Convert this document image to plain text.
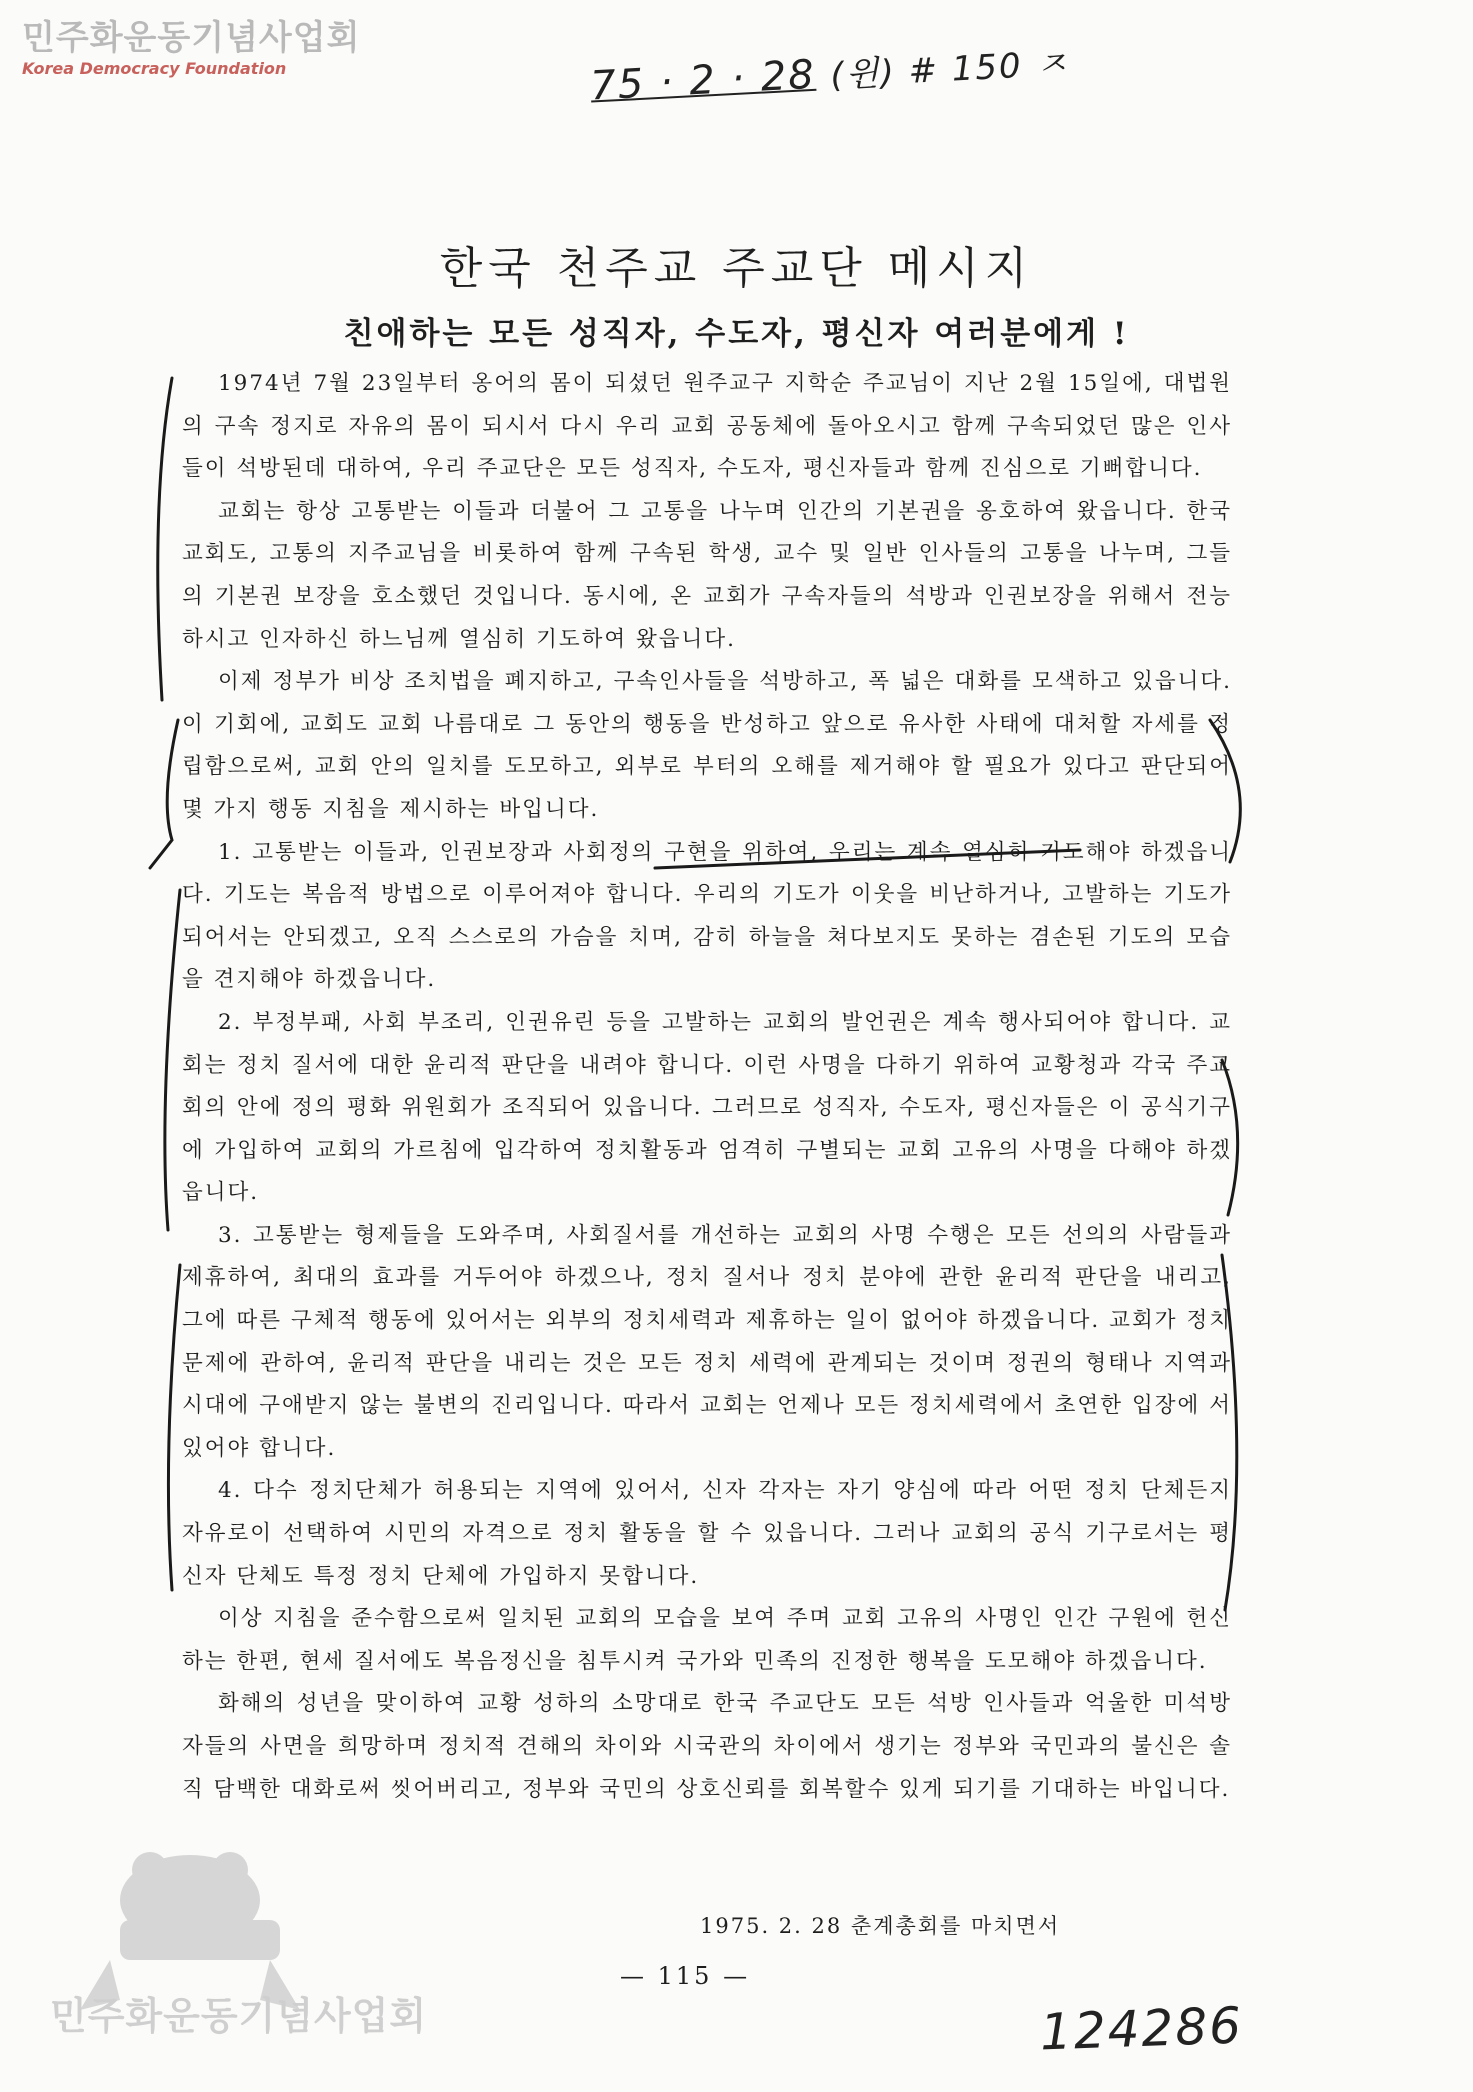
민주화운동기념사업회
Korea Democracy Foundation	75 · 2 · 28 (윈) # 150 ㅈ
한국 천주교 주교단 메시지
친애하는 모든 성직자, 수도자, 평신자 여러분에게 !

1974년 7월 23일부터 옹어의 몸이 되셨던 원주교구 지학순 주교님이 지난 2월 15일에, 대법원의 구속 정지로 자유의 몸이 되시서 다시 우리 교회 공동체에 돌아오시고 함께 구속되었던 많은 인사들이 석방된데 대하여, 우리 주교단은 모든 성직자, 수도자, 평신자들과 함께 진심으로 기뻐합니다.

교회는 항상 고통받는 이들과 더불어 그 고통을 나누며 인간의 기본권을 옹호하여 왔읍니다. 한국 교회도, 고통의 지주교님을 비롯하여 함께 구속된 학생, 교수 및 일반 인사들의 고통을 나누며, 그들의 기본권 보장을 호소했던 것입니다. 동시에, 온 교회가 구속자들의 석방과 인권보장을 위해서 전능하시고 인자하신 하느님께 열심히 기도하여 왔읍니다.

이제 정부가 비상 조치법을 폐지하고, 구속인사들을 석방하고, 폭 넓은 대화를 모색하고 있읍니다. 이 기회에, 교회도 교회 나름대로 그 동안의 행동을 반성하고 앞으로 유사한 사태에 대처할 자세를 정립함으로써, 교회 안의 일치를 도모하고, 외부로 부터의 오해를 제거해야 할 필요가 있다고 판단되어 몇 가지 행동 지침을 제시하는 바입니다.

1. 고통받는 이들과, 인권보장과 사회정의 구현을 위하여, 우리는 계속 열심히 기도해야 하겠읍니다. 기도는 복음적 방법으로 이루어져야 합니다. 우리의 기도가 이웃을 비난하거나, 고발하는 기도가 되어서는 안되겠고, 오직 스스로의 가슴을 치며, 감히 하늘을 쳐다보지도 못하는 겸손된 기도의 모습을 견지해야 하겠읍니다.

2. 부정부패, 사회 부조리, 인권유린 등을 고발하는 교회의 발언권은 계속 행사되어야 합니다. 교회는 정치 질서에 대한 윤리적 판단을 내려야 합니다. 이런 사명을 다하기 위하여 교황청과 각국 주교회의 안에 정의 평화 위원회가 조직되어 있읍니다. 그러므로 성직자, 수도자, 평신자들은 이 공식기구에 가입하여 교회의 가르침에 입각하여 정치활동과 엄격히 구별되는 교회 고유의 사명을 다해야 하겠읍니다.

3. 고통받는 형제들을 도와주며, 사회질서를 개선하는 교회의 사명 수행은 모든 선의의 사람들과 제휴하여, 최대의 효과를 거두어야 하겠으나, 정치 질서나 정치 분야에 관한 윤리적 판단을 내리고, 그에 따른 구체적 행동에 있어서는 외부의 정치세력과 제휴하는 일이 없어야 하겠읍니다. 교회가 정치 문제에 관하여, 윤리적 판단을 내리는 것은 모든 정치 세력에 관계되는 것이며 정권의 형태나 지역과 시대에 구애받지 않는 불변의 진리입니다. 따라서 교회는 언제나 모든 정치세력에서 초연한 입장에 서 있어야 합니다.

4. 다수 정치단체가 허용되는 지역에 있어서, 신자 각자는 자기 양심에 따라 어떤 정치 단체든지 자유로이 선택하여 시민의 자격으로 정치 활동을 할 수 있읍니다. 그러나 교회의 공식 기구로서는 평신자 단체도 특정 정치 단체에 가입하지 못합니다.

이상 지침을 준수함으로써 일치된 교회의 모습을 보여 주며 교회 고유의 사명인 인간 구원에 헌신하는 한편, 현세 질서에도 복음정신을 침투시켜 국가와 민족의 진정한 행복을 도모해야 하겠읍니다.

화해의 성년을 맞이하여 교황 성하의 소망대로 한국 주교단도 모든 석방 인사들과 억울한 미석방자들의 사면을 희망하며 정치적 견해의 차이와 시국관의 차이에서 생기는 정부와 국민과의 불신은 솔직 담백한 대화로써 씻어버리고, 정부와 국민의 상호신뢰를 회복할수 있게 되기를 기대하는 바입니다.

1975. 2. 28 춘계총회를 마치면서
— 115 —
124286
민주화운동기념사업회
